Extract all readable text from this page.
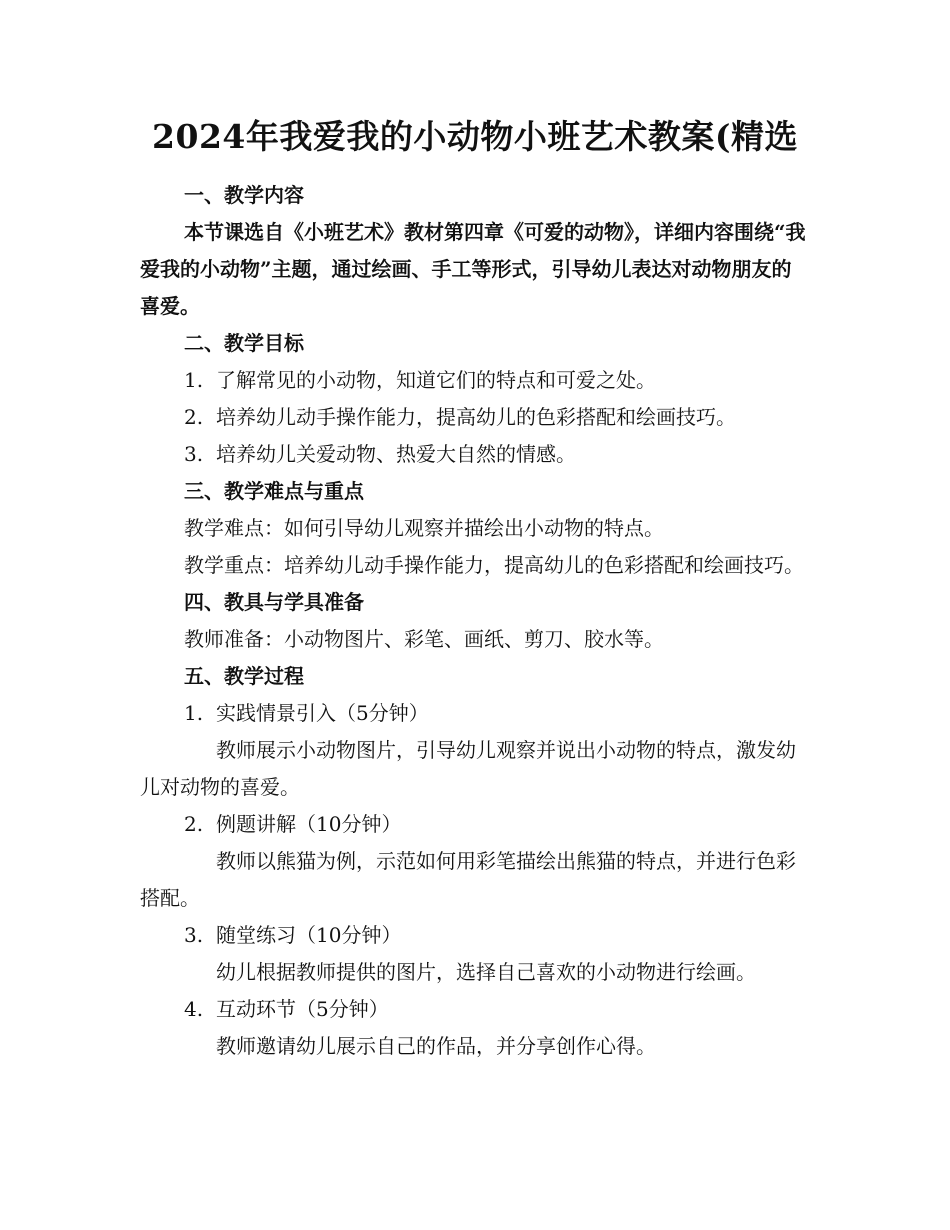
2024年我爱我的小动物小班艺术教案(精选

一、教学内容

本节课选自《小班艺术》教材第四章《可爱的动物》，详细内容围绕“我爱我的小动物”主题，通过绘画、手工等形式，引导幼儿表达对动物朋友的喜爱。

二、教学目标

1. 了解常见的小动物，知道它们的特点和可爱之处。

2. 培养幼儿动手操作能力，提高幼儿的色彩搭配和绘画技巧。

3. 培养幼儿关爱动物、热爱大自然的情感。

三、教学难点与重点

教学难点：如何引导幼儿观察并描绘出小动物的特点。

教学重点：培养幼儿动手操作能力，提高幼儿的色彩搭配和绘画技巧。

四、教具与学具准备

教师准备：小动物图片、彩笔、画纸、剪刀、胶水等。

五、教学过程

1. 实践情景引入（5分钟）

教师展示小动物图片，引导幼儿观察并说出小动物的特点，激发幼儿对动物的喜爱。

2. 例题讲解（10分钟）

教师以熊猫为例，示范如何用彩笔描绘出熊猫的特点，并进行色彩搭配。

3. 随堂练习（10分钟）

幼儿根据教师提供的图片，选择自己喜欢的小动物进行绘画。

4. 互动环节（5分钟）

教师邀请幼儿展示自己的作品，并分享创作心得。
